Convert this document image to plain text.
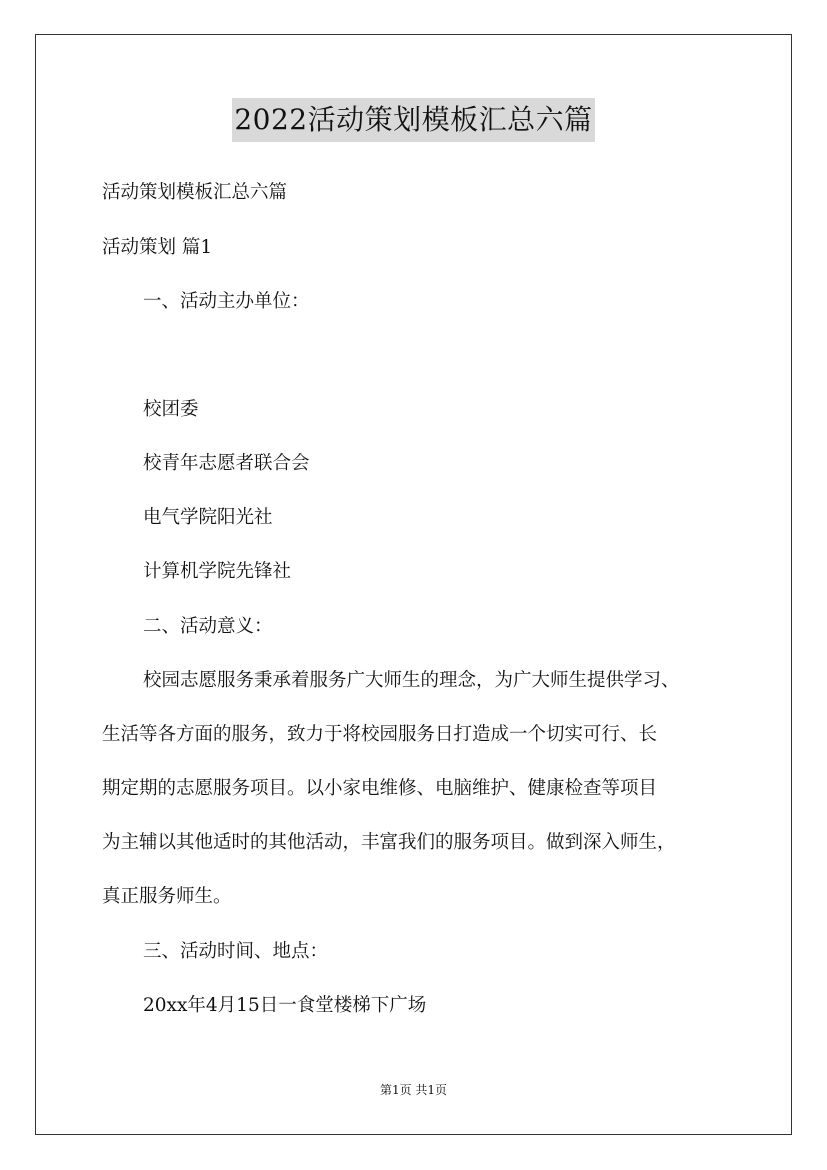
2022活动策划模板汇总六篇
活动策划模板汇总六篇
活动策划 篇1
一、活动主办单位：
校团委
校青年志愿者联合会
电气学院阳光社
计算机学院先锋社
二、活动意义：
校园志愿服务秉承着服务广大师生的理念，为广大师生提供学习、
生活等各方面的服务，致力于将校园服务日打造成一个切实可行、长
期定期的志愿服务项目。以小家电维修、电脑维护、健康检查等项目
为主辅以其他适时的其他活动，丰富我们的服务项目。做到深入师生，
真正服务师生。
三、活动时间、地点：
20xx年4月15日一食堂楼梯下广场
第1页 共1页
